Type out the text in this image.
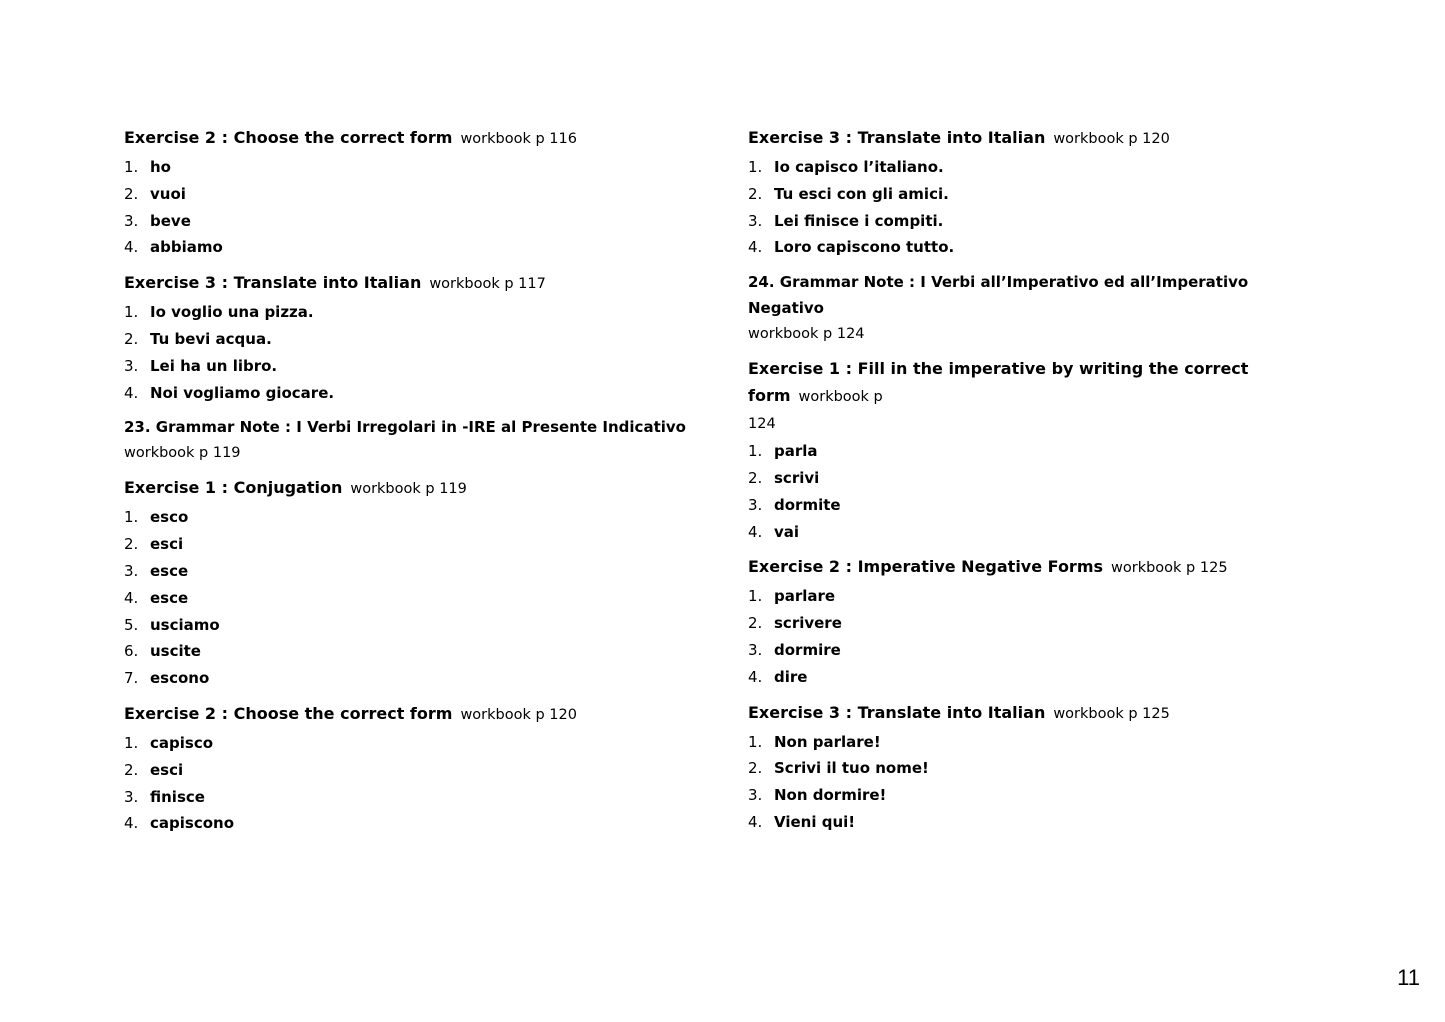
Exercise 2 : Choose the correct form workbook p 116

1. ho
2. vuoi
3. beve
4. abbiamo

Exercise 3 : Translate into Italian workbook p 117

1. Io voglio una pizza.
2. Tu bevi acqua.
3. Lei ha un libro.
4. Noi vogliamo giocare.

23. Grammar Note : I Verbi Irregolari in -IRE al Presente Indicativo

workbook p 119

Exercise 1 : Conjugation workbook p 119

1. esco
2. esci
3. esce
4. esce
5. usciamo
6. uscite
7. escono

Exercise 2 : Choose the correct form workbook p 120

1. capisco
2. esci
3. finisce
4. capiscono

Exercise 3 : Translate into Italian workbook p 120

1. Io capisco l’italiano.
2. Tu esci con gli amici.
3. Lei finisce i compiti.
4. Loro capiscono tutto.

24. Grammar Note : I Verbi all’Imperativo ed all’Imperativo Negativo

workbook p 124

Exercise 1 : Fill in the imperative by writing the correct form workbook p

124

1. parla
2. scrivi
3. dormite
4. vai

Exercise 2 : Imperative Negative Forms workbook p 125

1. parlare
2. scrivere
3. dormire
4. dire

Exercise 3 : Translate into Italian workbook p 125

1. Non parlare!
2. Scrivi il tuo nome!
3. Non dormire!
4. Vieni qui!
11
